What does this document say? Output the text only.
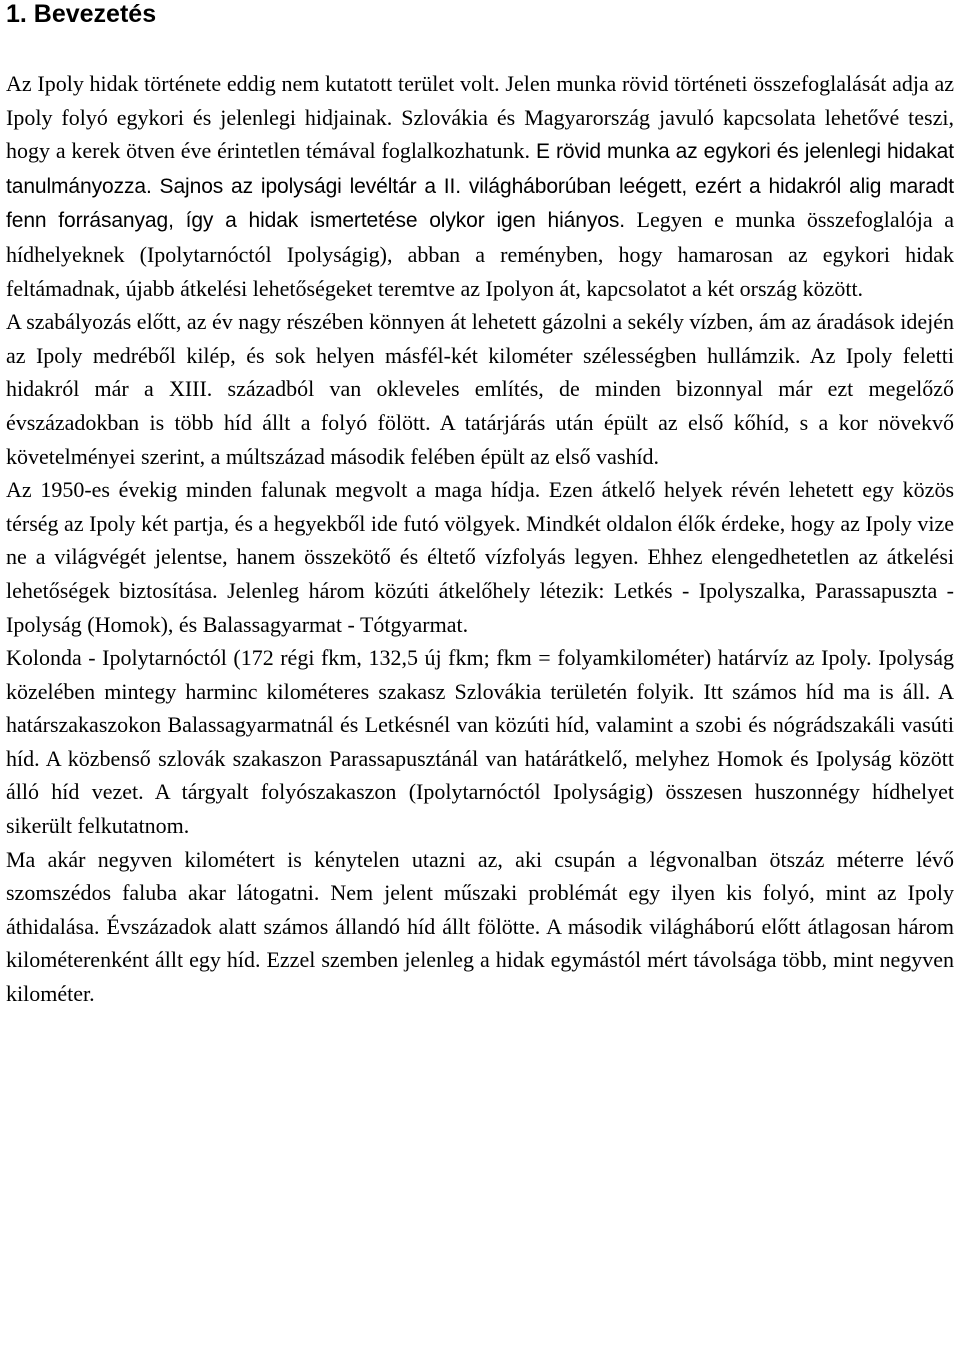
1. Bevezetés

Az Ipoly hidak története eddig nem kutatott terület volt. Jelen munka rövid történeti összefoglalását adja az Ipoly folyó egykori és jelenlegi hidjainak. Szlovákia és Magyarország javuló kapcsolata lehetővé teszi, hogy a kerek ötven éve érintetlen témával foglalkozhatunk. E rövid munka az egykori és jelenlegi hidakat tanulmányozza. Sajnos az ipolysági levéltár a II. világháborúban leégett, ezért a hidakról alig maradt fenn forrásanyag, így a hidak ismertetése olykor igen hiányos. Legyen e munka összefoglalója a hídhelyeknek (Ipolytarnóctól Ipolyságig), abban a reményben, hogy hamarosan az egykori hidak feltámadnak, újabb átkelési lehetőségeket teremtve az Ipolyon át, kapcsolatot a két ország között.

A szabályozás előtt, az év nagy részében könnyen át lehetett gázolni a sekély vízben, ám az áradások idején az Ipoly medréből kilép, és sok helyen másfél-két kilométer szélességben hullámzik. Az Ipoly feletti hidakról már a XIII. századból van okleveles említés, de minden bizonnyal már ezt megelőző évszázadokban is több híd állt a folyó fölött. A tatárjárás után épült az első kőhíd, s a kor növekvő követelményei szerint, a múltszázad második felében épült az első vashíd.

Az 1950-es évekig minden falunak megvolt a maga hídja. Ezen átkelő helyek révén lehetett egy közös térség az Ipoly két partja, és a hegyekből ide futó völgyek. Mindkét oldalon élők érdeke, hogy az Ipoly vize ne a világvégét jelentse, hanem összekötő és éltető vízfolyás legyen. Ehhez elengedhetetlen az átkelési lehetőségek biztosítása. Jelenleg három közúti átkelőhely létezik: Letkés - Ipolyszalka, Parassapuszta - Ipolyság (Homok), és Balassagyarmat - Tótgyarmat.

Kolonda - Ipolytarnóctól (172 régi fkm, 132,5 új fkm; fkm = folyamkilométer) határvíz az Ipoly. Ipolyság közelében mintegy harminc kilométeres szakasz Szlovákia területén folyik. Itt számos híd ma is áll. A határszakaszokon Balassagyarmatnál és Letkésnél van közúti híd, valamint a szobi és nógrádszakáli vasúti híd. A közbenső szlovák szakaszon Parassapusztánál van határátkelő, melyhez Homok és Ipolyság között álló híd vezet. A tárgyalt folyószakaszon (Ipolytarnóctól Ipolyságig) összesen huszonnégy hídhelyet sikerült felkutatnom.

Ma akár negyven kilométert is kénytelen utazni az, aki csupán a légvonalban ötszáz méterre lévő szomszédos faluba akar látogatni. Nem jelent műszaki problémát egy ilyen kis folyó, mint az Ipoly áthidalása. Évszázadok alatt számos állandó híd állt fölötte. A második világháború előtt átlagosan három kilométerenként állt egy híd. Ezzel szemben jelenleg a hidak egymástól mért távolsága több, mint negyven kilométer.
